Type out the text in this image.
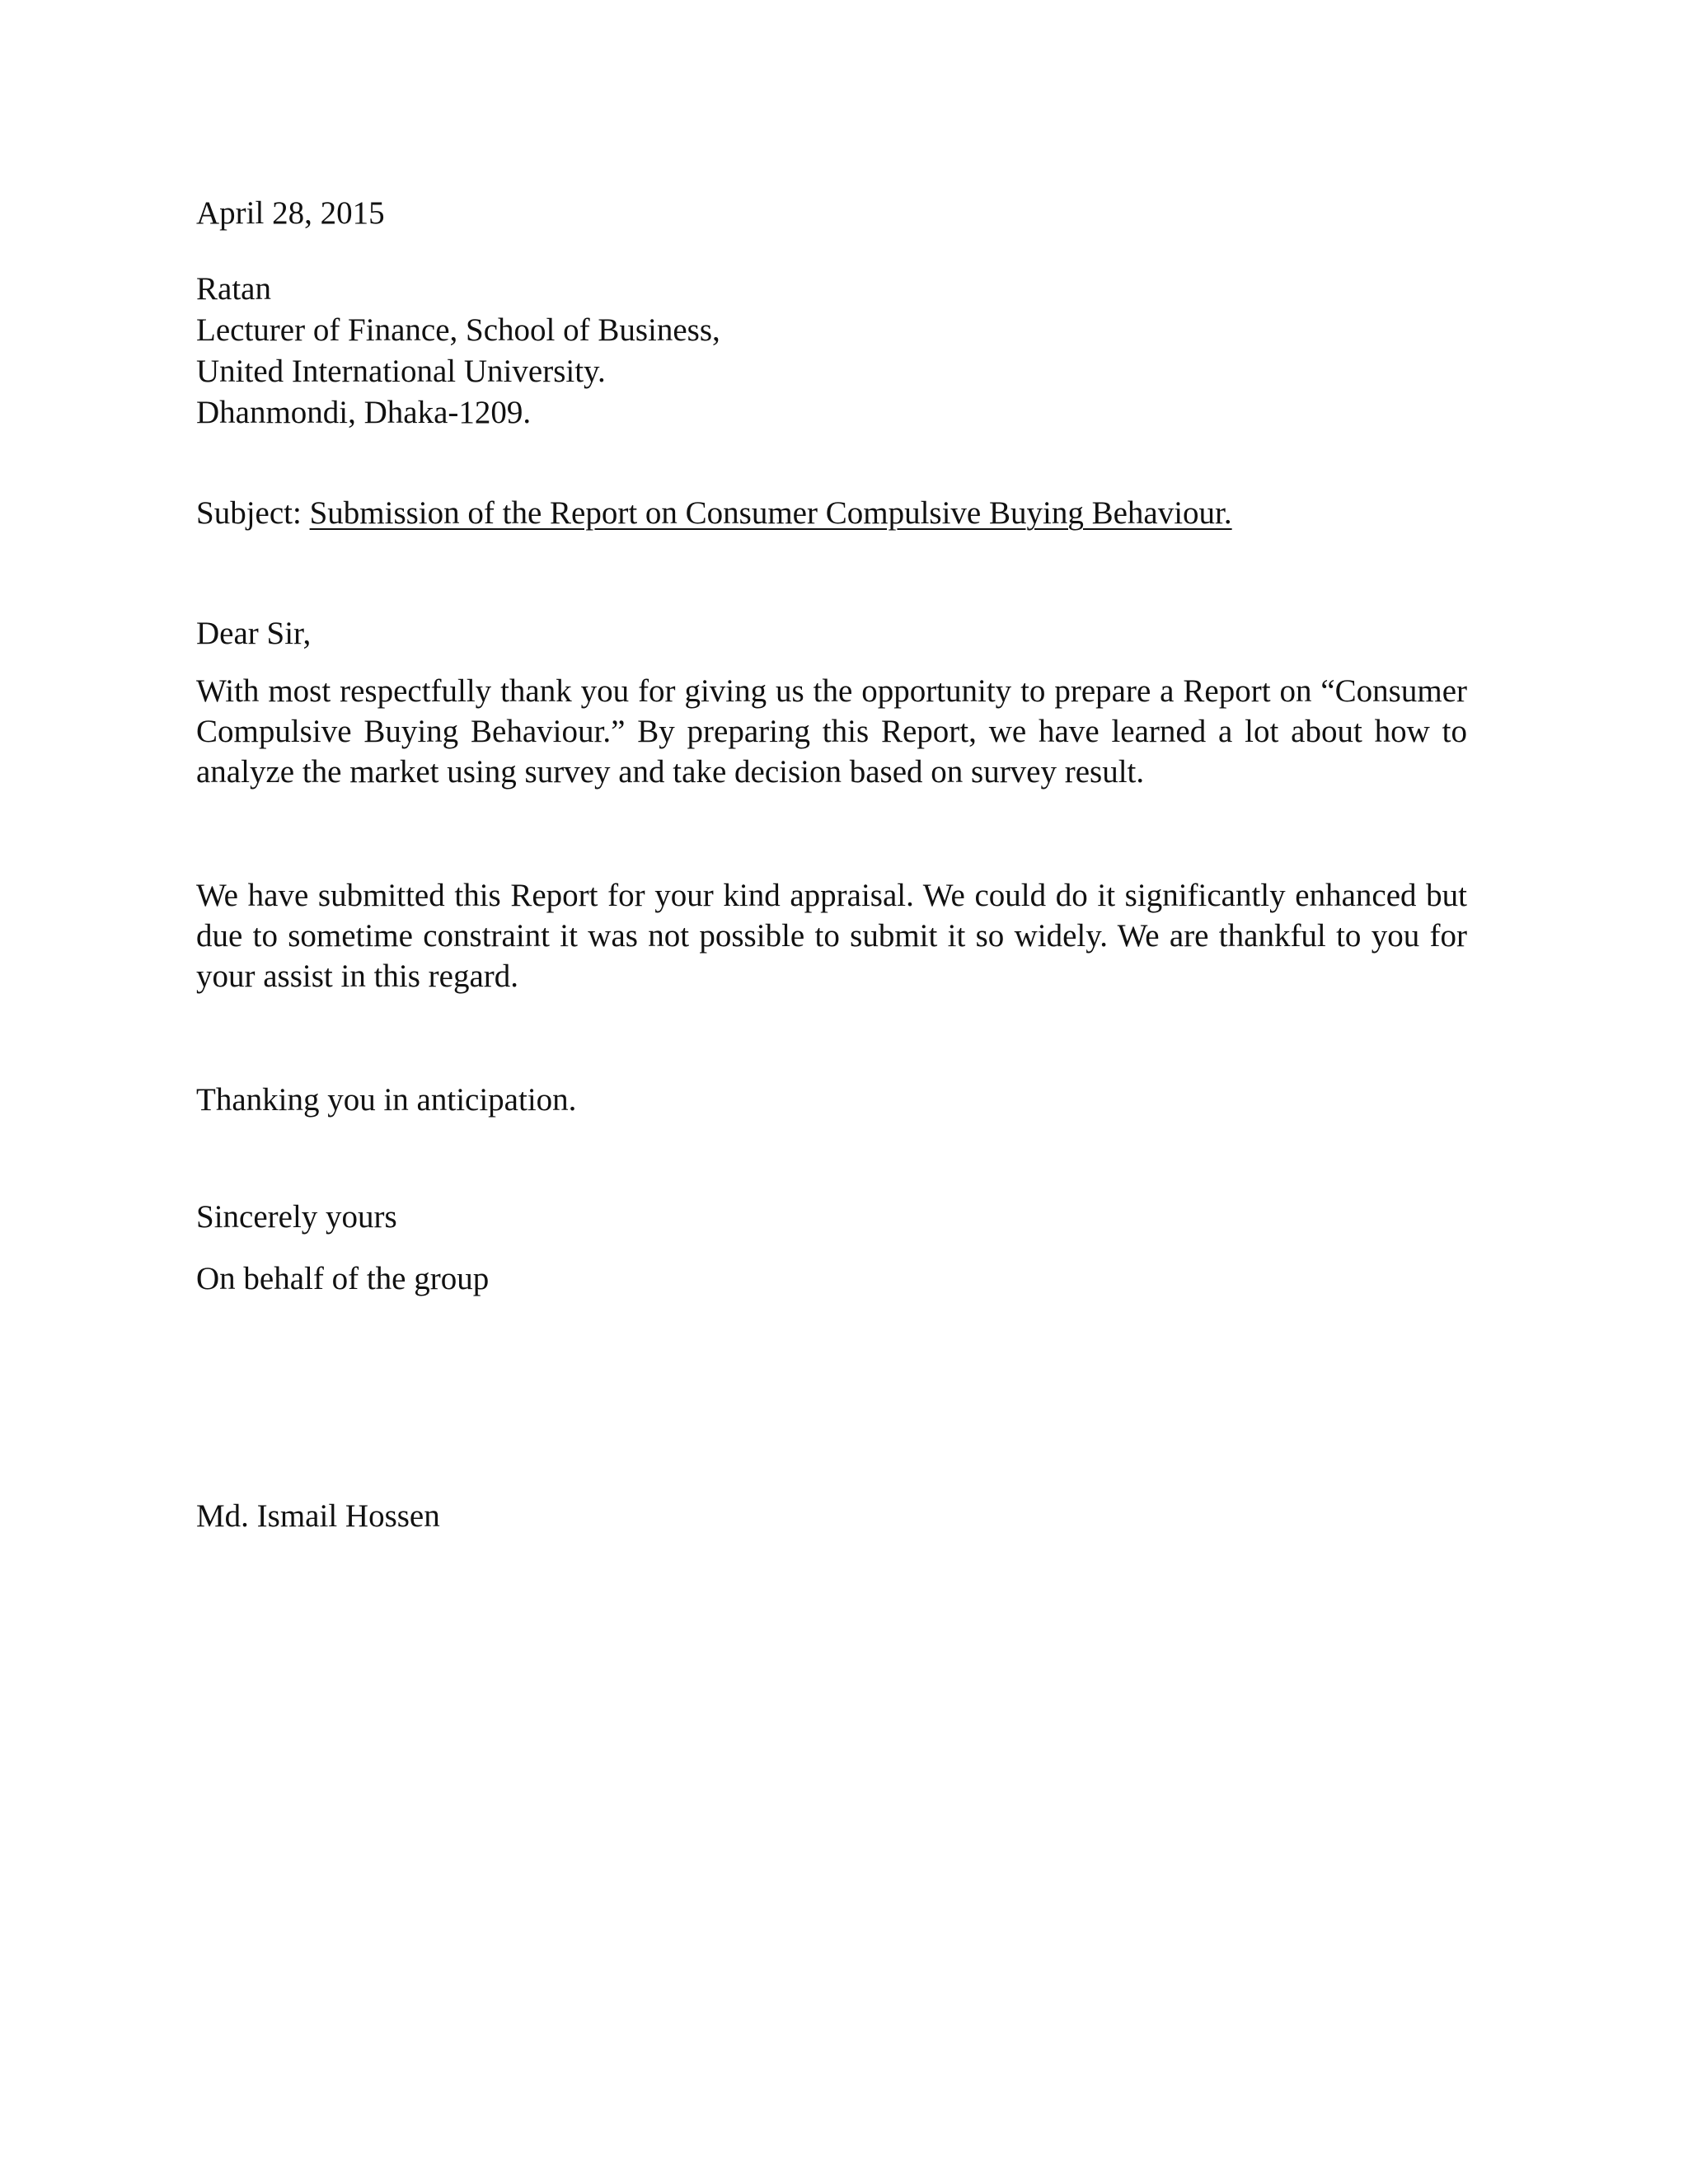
April 28, 2015

Ratan
Lecturer of Finance, School of Business,
United International University.
Dhanmondi, Dhaka-1209.

Subject: Submission of the Report on Consumer Compulsive Buying Behaviour.

Dear Sir,

With most respectfully thank you for giving us the opportunity to prepare a Report on “Consumer Compulsive Buying Behaviour.” By preparing this Report, we have learned a lot about how to analyze the market using survey and take decision based on survey result.

We have submitted this Report for your kind appraisal. We could do it significantly enhanced but due to sometime constraint it was not possible to submit it so widely. We are thankful to you for your assist in this regard.

Thanking you in anticipation.

Sincerely yours

On behalf of the group

Md. Ismail Hossen
